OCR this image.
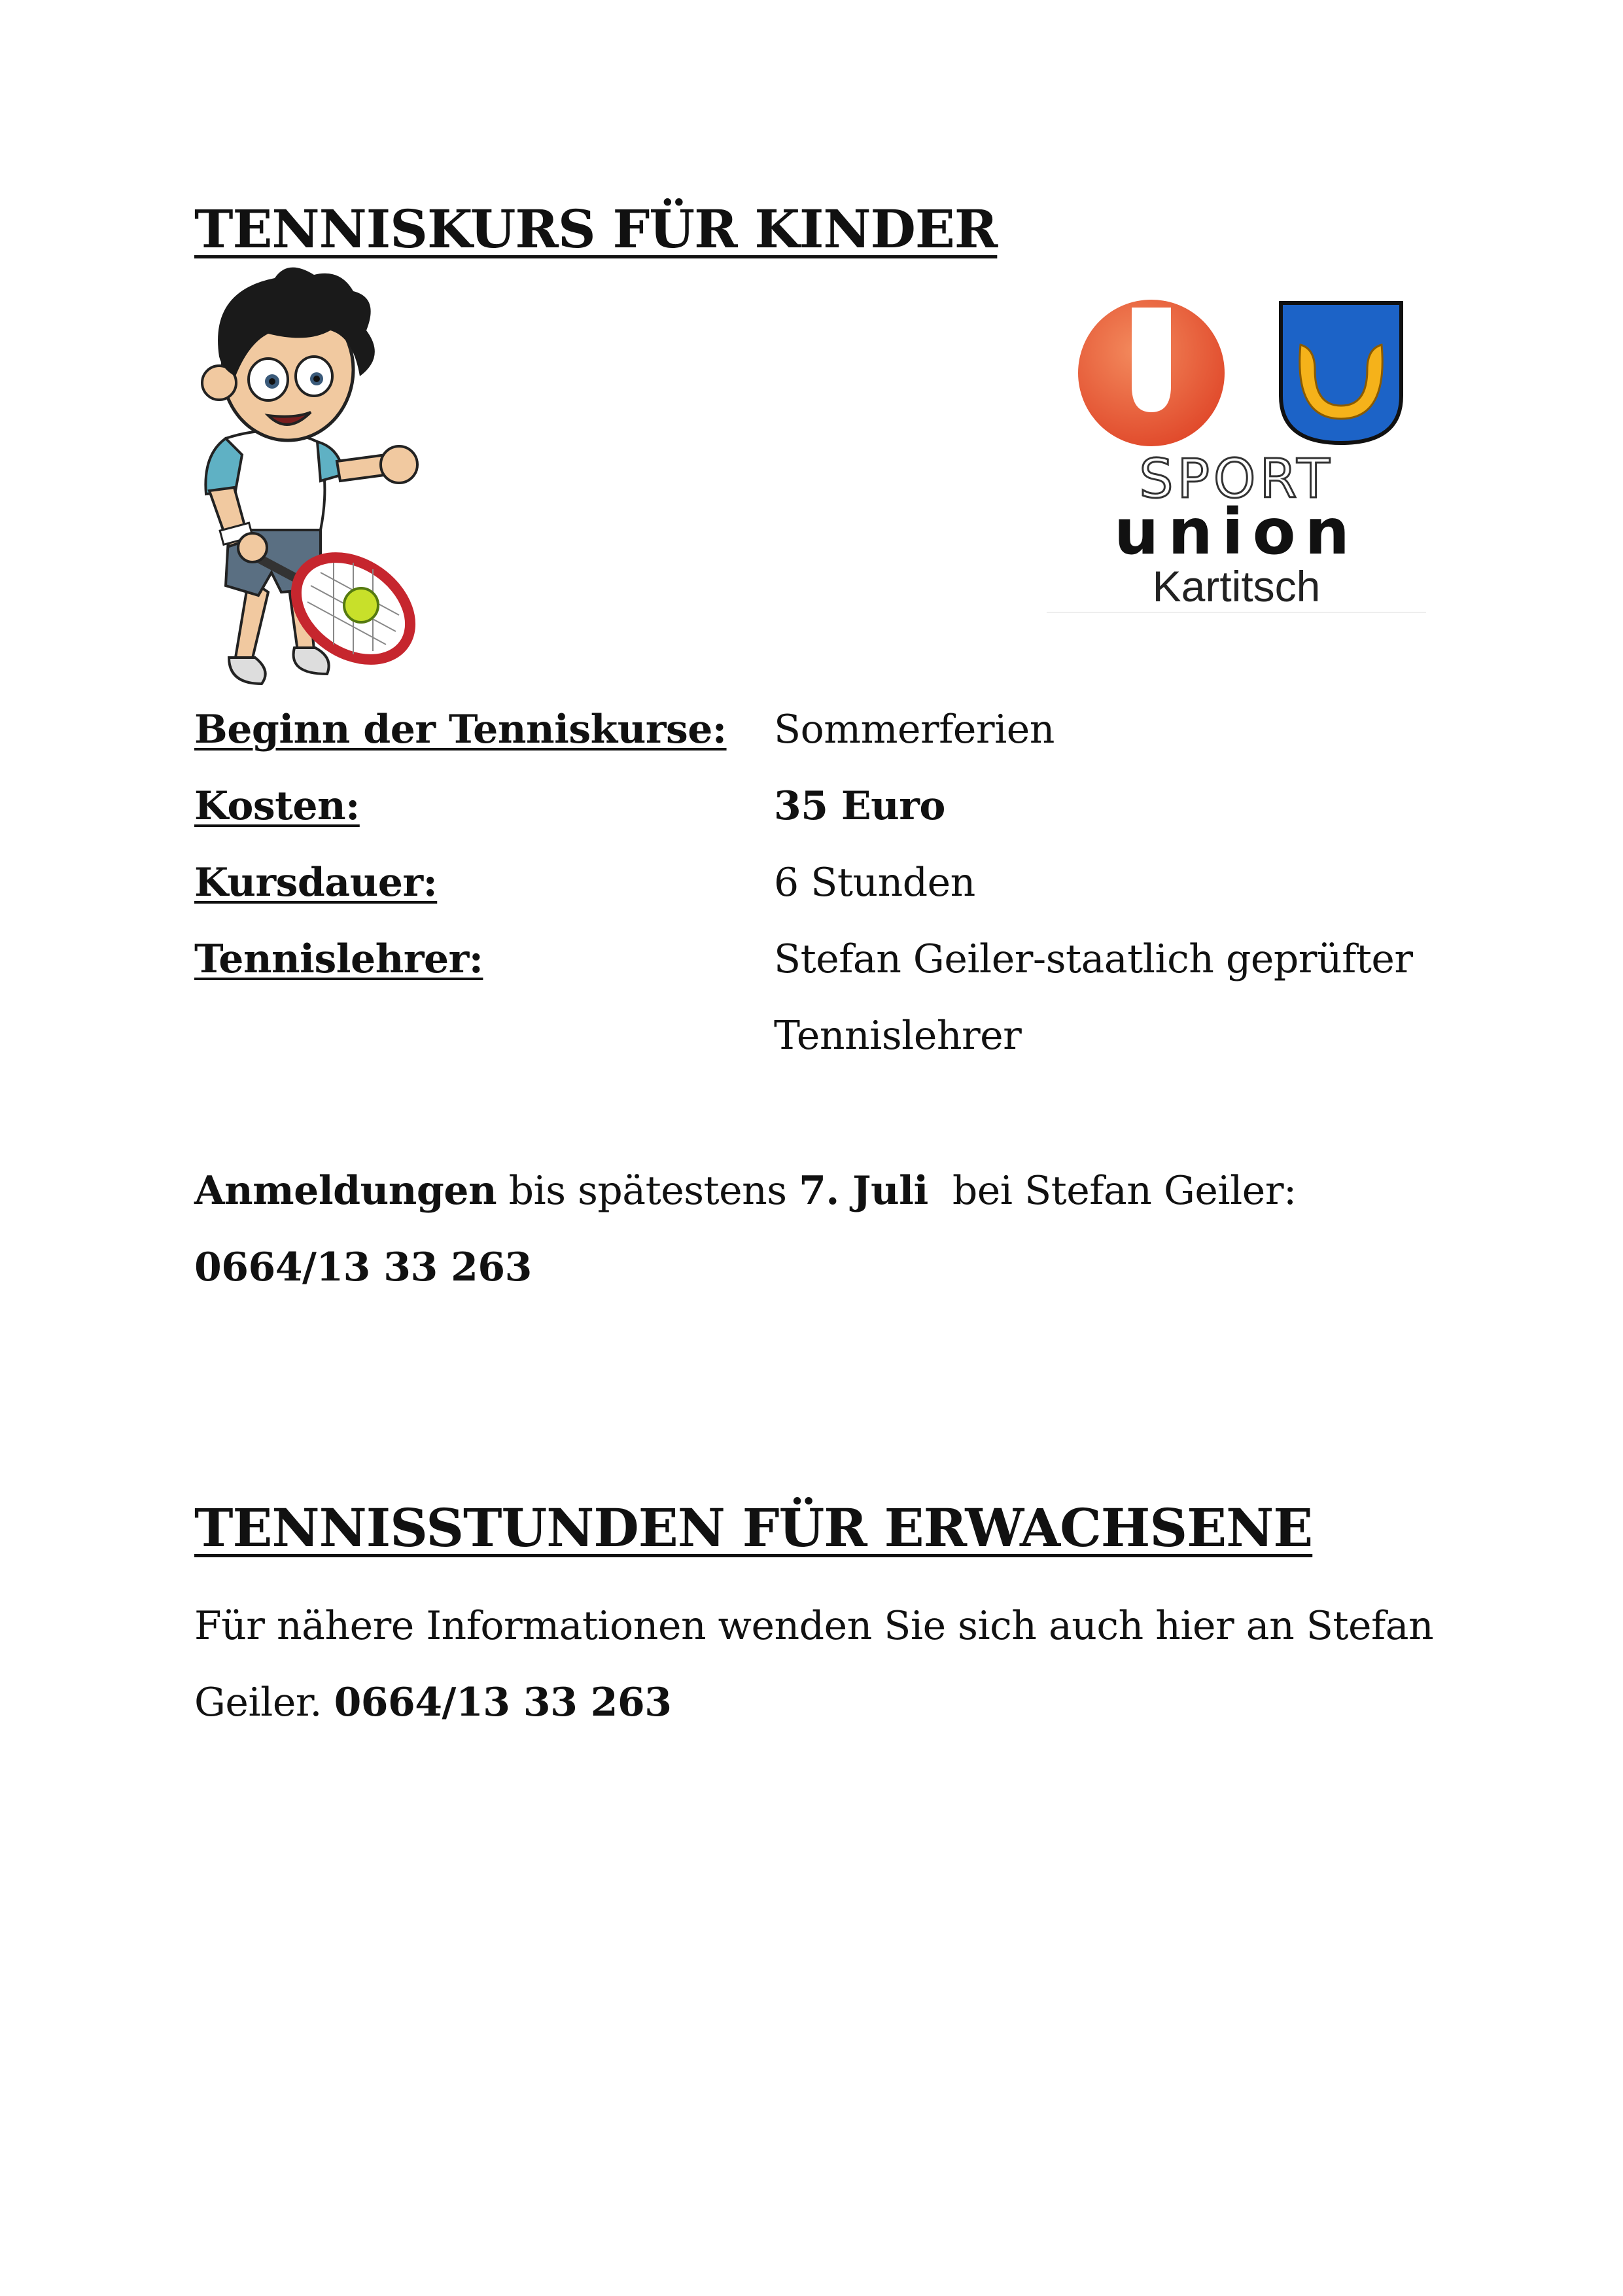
TENNISKURS FÜR KINDER
SPORT
union
Kartitsch
Beginn der Tenniskurse: Sommerferien
Kosten:	35 Euro
Kursdauer:	6 Stunden
Tennislehrer:	Stefan Geiler-staatlich geprüfter
Tennislehrer
Anmeldungen bis spätestens 7. Juli  bei Stefan Geiler:
0664/13 33 263
TENNISSTUNDEN FÜR ERWACHSENE
Für nähere Informationen wenden Sie sich auch hier an Stefan
Geiler. 0664/13 33 263
